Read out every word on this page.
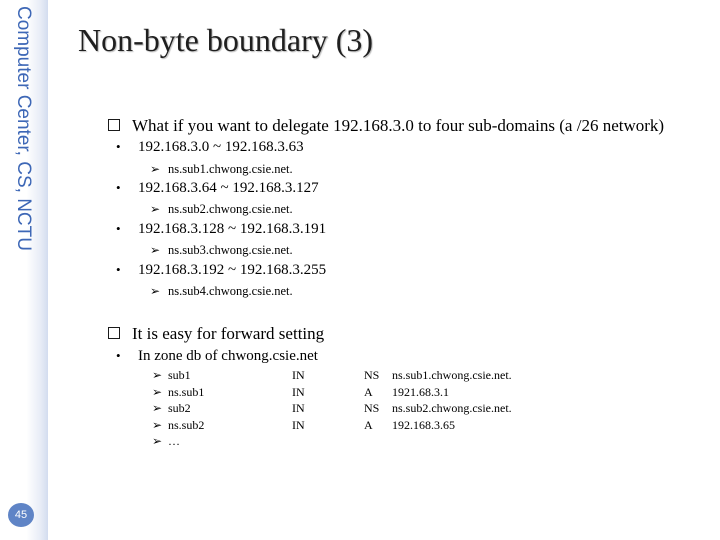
Computer Center, CS, NCTU
45
Non-byte boundary (3)
What if you want to delegate 192.168.3.0 to four sub-domains (a /26 network)
• 192.168.3.0 ~ 192.168.3.63
➢ ns.sub1.chwong.csie.net.
• 192.168.3.64 ~ 192.168.3.127
➢ ns.sub2.chwong.csie.net.
• 192.168.3.128 ~ 192.168.3.191
➢ ns.sub3.chwong.csie.net.
• 192.168.3.192 ~ 192.168.3.255
➢ ns.sub4.chwong.csie.net.
It is easy for forward setting
• In zone db of chwong.csie.net
➢ sub1	IN	NS ns.sub1.chwong.csie.net.
➢ ns.sub1	IN	A 1921.68.3.1
➢ sub2	IN	NS ns.sub2.chwong.csie.net.
➢ ns.sub2	IN	A 192.168.3.65
➢ …
